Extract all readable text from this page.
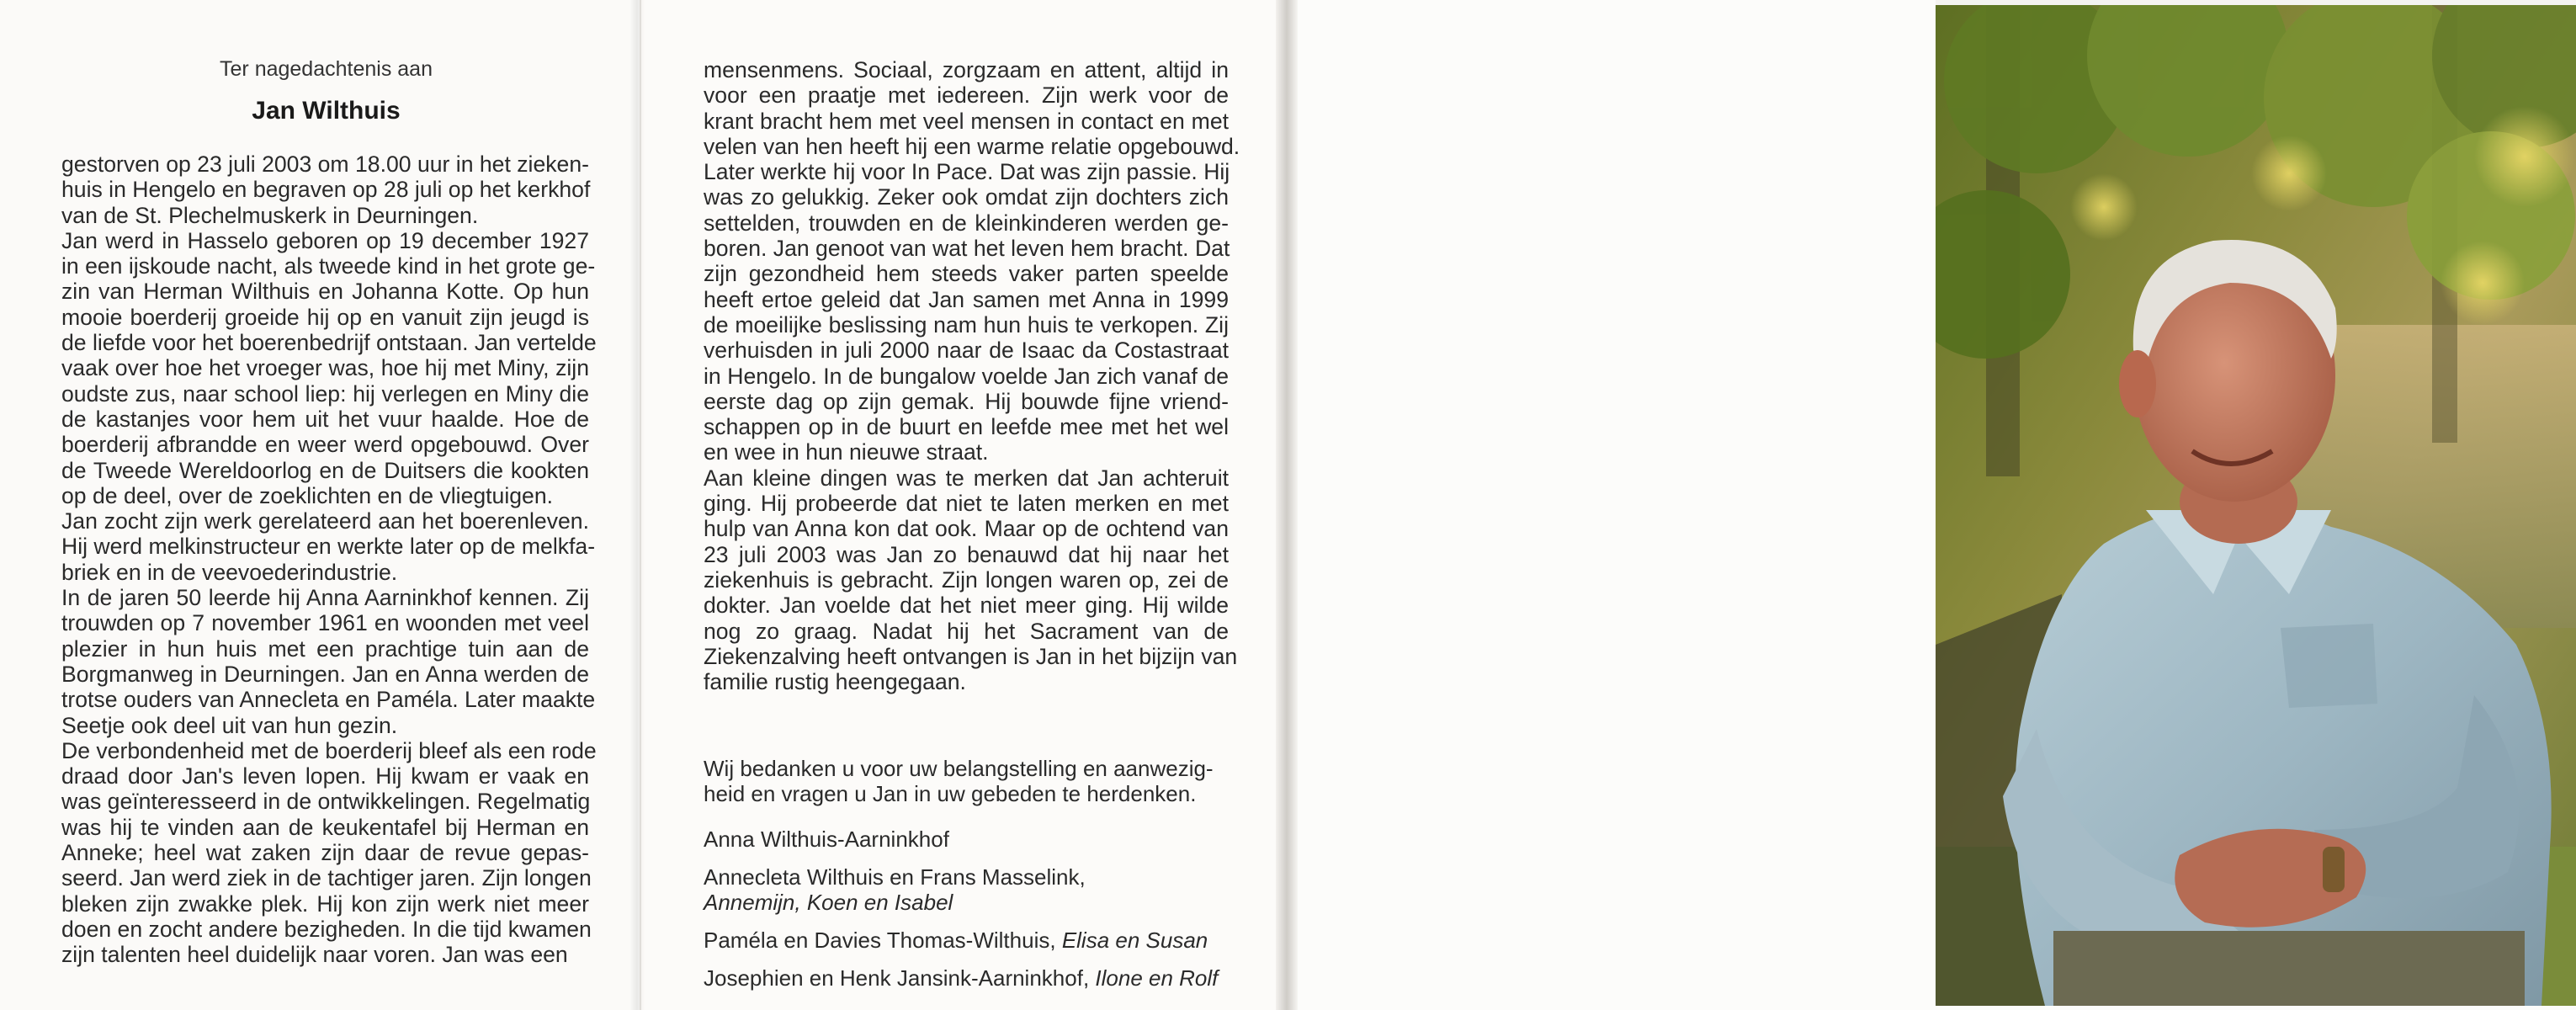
Ter nagedachtenis aan
Jan Wilthuis

gestorven op 23 juli 2003 om 18.00 uur in het zieken-
huis in Hengelo en begraven op 28 juli op het kerkhof
van de St. Plechelmuskerk in Deurningen.

Jan werd in Hasselo geboren op 19 december 1927
in een ijskoude nacht, als tweede kind in het grote ge-
zin van Herman Wilthuis en Johanna Kotte. Op hun
mooie boerderij groeide hij op en vanuit zijn jeugd is
de liefde voor het boerenbedrijf ontstaan. Jan vertelde
vaak over hoe het vroeger was, hoe hij met Miny, zijn
oudste zus, naar school liep: hij verlegen en Miny die
de kastanjes voor hem uit het vuur haalde. Hoe de
boerderij afbrandde en weer werd opgebouwd. Over
de Tweede Wereldoorlog en de Duitsers die kookten
op de deel, over de zoeklichten en de vliegtuigen.

Jan zocht zijn werk gerelateerd aan het boerenleven.
Hij werd melkinstructeur en werkte later op de melkfa-
briek en in de veevoederindustrie.

In de jaren 50 leerde hij Anna Aarninkhof kennen. Zij
trouwden op 7 november 1961 en woonden met veel
plezier in hun huis met een prachtige tuin aan de
Borgmanweg in Deurningen. Jan en Anna werden de
trotse ouders van Annecleta en Paméla. Later maakte
Seetje ook deel uit van hun gezin.

De verbondenheid met de boerderij bleef als een rode
draad door Jan's leven lopen. Hij kwam er vaak en
was geïnteresseerd in de ontwikkelingen. Regelmatig
was hij te vinden aan de keukentafel bij Herman en
Anneke; heel wat zaken zijn daar de revue gepas-
seerd. Jan werd ziek in de tachtiger jaren. Zijn longen
bleken zijn zwakke plek. Hij kon zijn werk niet meer
doen en zocht andere bezigheden. In die tijd kwamen
zijn talenten heel duidelijk naar voren. Jan was een

mensenmens. Sociaal, zorgzaam en attent, altijd in
voor een praatje met iedereen. Zijn werk voor de
krant bracht hem met veel mensen in contact en met
velen van hen heeft hij een warme relatie opgebouwd.
Later werkte hij voor In Pace. Dat was zijn passie. Hij
was zo gelukkig. Zeker ook omdat zijn dochters zich
settelden, trouwden en de kleinkinderen werden ge-
boren. Jan genoot van wat het leven hem bracht. Dat
zijn gezondheid hem steeds vaker parten speelde
heeft ertoe geleid dat Jan samen met Anna in 1999
de moeilijke beslissing nam hun huis te verkopen. Zij
verhuisden in juli 2000 naar de Isaac da Costastraat
in Hengelo. In de bungalow voelde Jan zich vanaf de
eerste dag op zijn gemak. Hij bouwde fijne vriend-
schappen op in de buurt en leefde mee met het wel
en wee in hun nieuwe straat.

Aan kleine dingen was te merken dat Jan achteruit
ging. Hij probeerde dat niet te laten merken en met
hulp van Anna kon dat ook. Maar op de ochtend van
23 juli 2003 was Jan zo benauwd dat hij naar het
ziekenhuis is gebracht. Zijn longen waren op, zei de
dokter. Jan voelde dat het niet meer ging. Hij wilde
nog zo graag. Nadat hij het Sacrament van de
Ziekenzalving heeft ontvangen is Jan in het bijzijn van
familie rustig heengegaan.

Wij bedanken u voor uw belangstelling en aanwezig-
heid en vragen u Jan in uw gebeden te herdenken.
Anna Wilthuis-Aarninkhof
Annecleta Wilthuis en Frans Masselink,
Annemijn, Koen en Isabel
Paméla en Davies Thomas-Wilthuis, Elisa en Susan
Josephien en Henk Jansink-Aarninkhof, Ilone en Rolf
